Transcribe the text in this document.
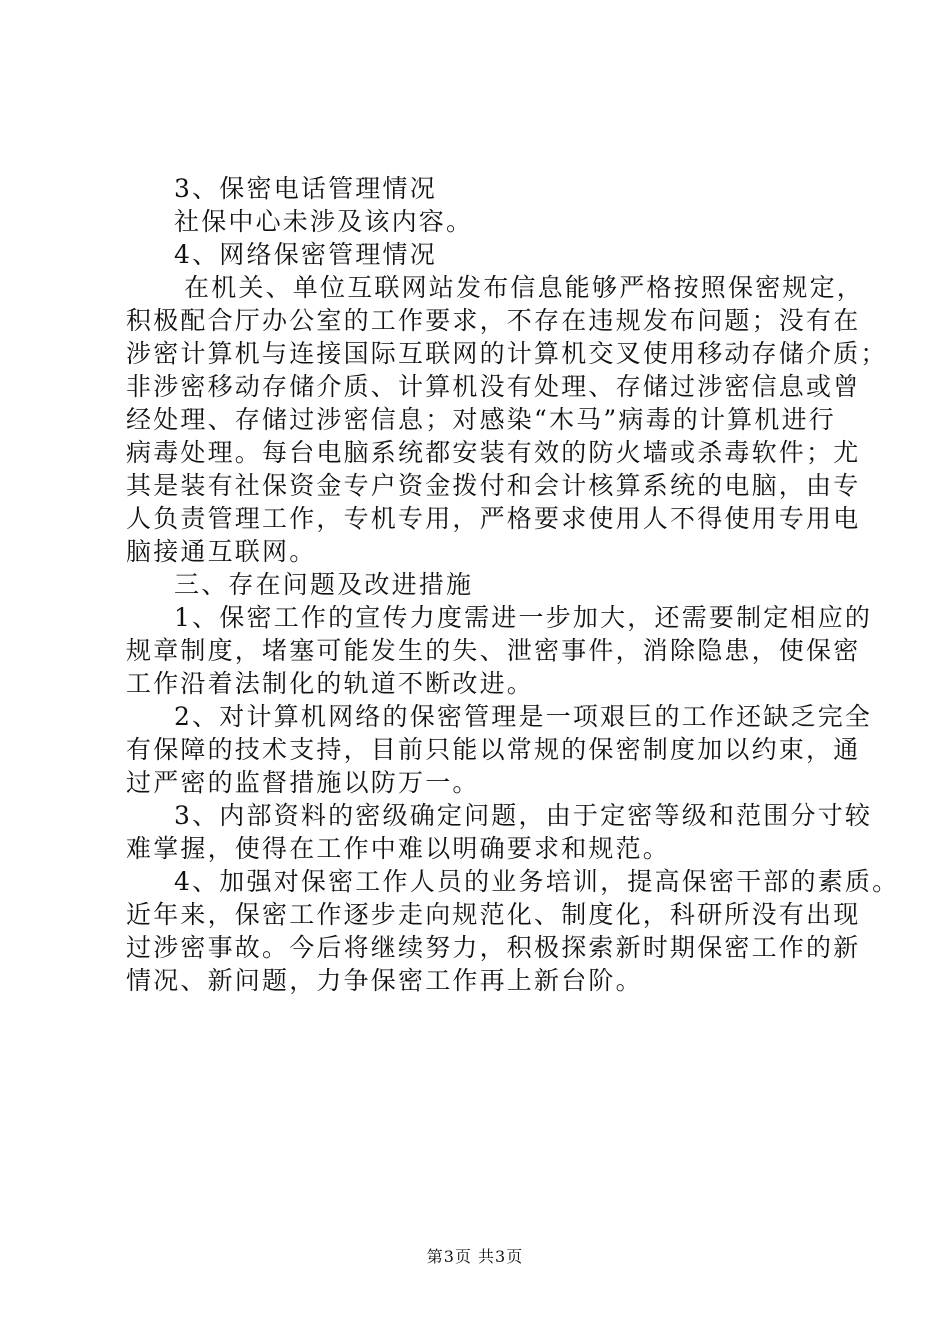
3、保密电话管理情况
社保中心未涉及该内容。
4、网络保密管理情况
在机关、单位互联网站发布信息能够严格按照保密规定，
积极配合厅办公室的工作要求，不存在违规发布问题；没有在
涉密计算机与连接国际互联网的计算机交叉使用移动存储介质；
非涉密移动存储介质、计算机没有处理、存储过涉密信息或曾
经处理、存储过涉密信息；对感染“木马”病毒的计算机进行
病毒处理。每台电脑系统都安装有效的防火墙或杀毒软件；尤
其是装有社保资金专户资金拨付和会计核算系统的电脑，由专
人负责管理工作，专机专用，严格要求使用人不得使用专用电
脑接通互联网。
三、存在问题及改进措施
1、保密工作的宣传力度需进一步加大，还需要制定相应的
规章制度，堵塞可能发生的失、泄密事件，消除隐患，使保密
工作沿着法制化的轨道不断改进。
2、对计算机网络的保密管理是一项艰巨的工作还缺乏完全
有保障的技术支持，目前只能以常规的保密制度加以约束，通
过严密的监督措施以防万一。
3、内部资料的密级确定问题，由于定密等级和范围分寸较
难掌握，使得在工作中难以明确要求和规范。
4、加强对保密工作人员的业务培训，提高保密干部的素质。
近年来，保密工作逐步走向规范化、制度化，科研所没有出现
过涉密事故。今后将继续努力，积极探索新时期保密工作的新
情况、新问题，力争保密工作再上新台阶。
第3页 共3页
